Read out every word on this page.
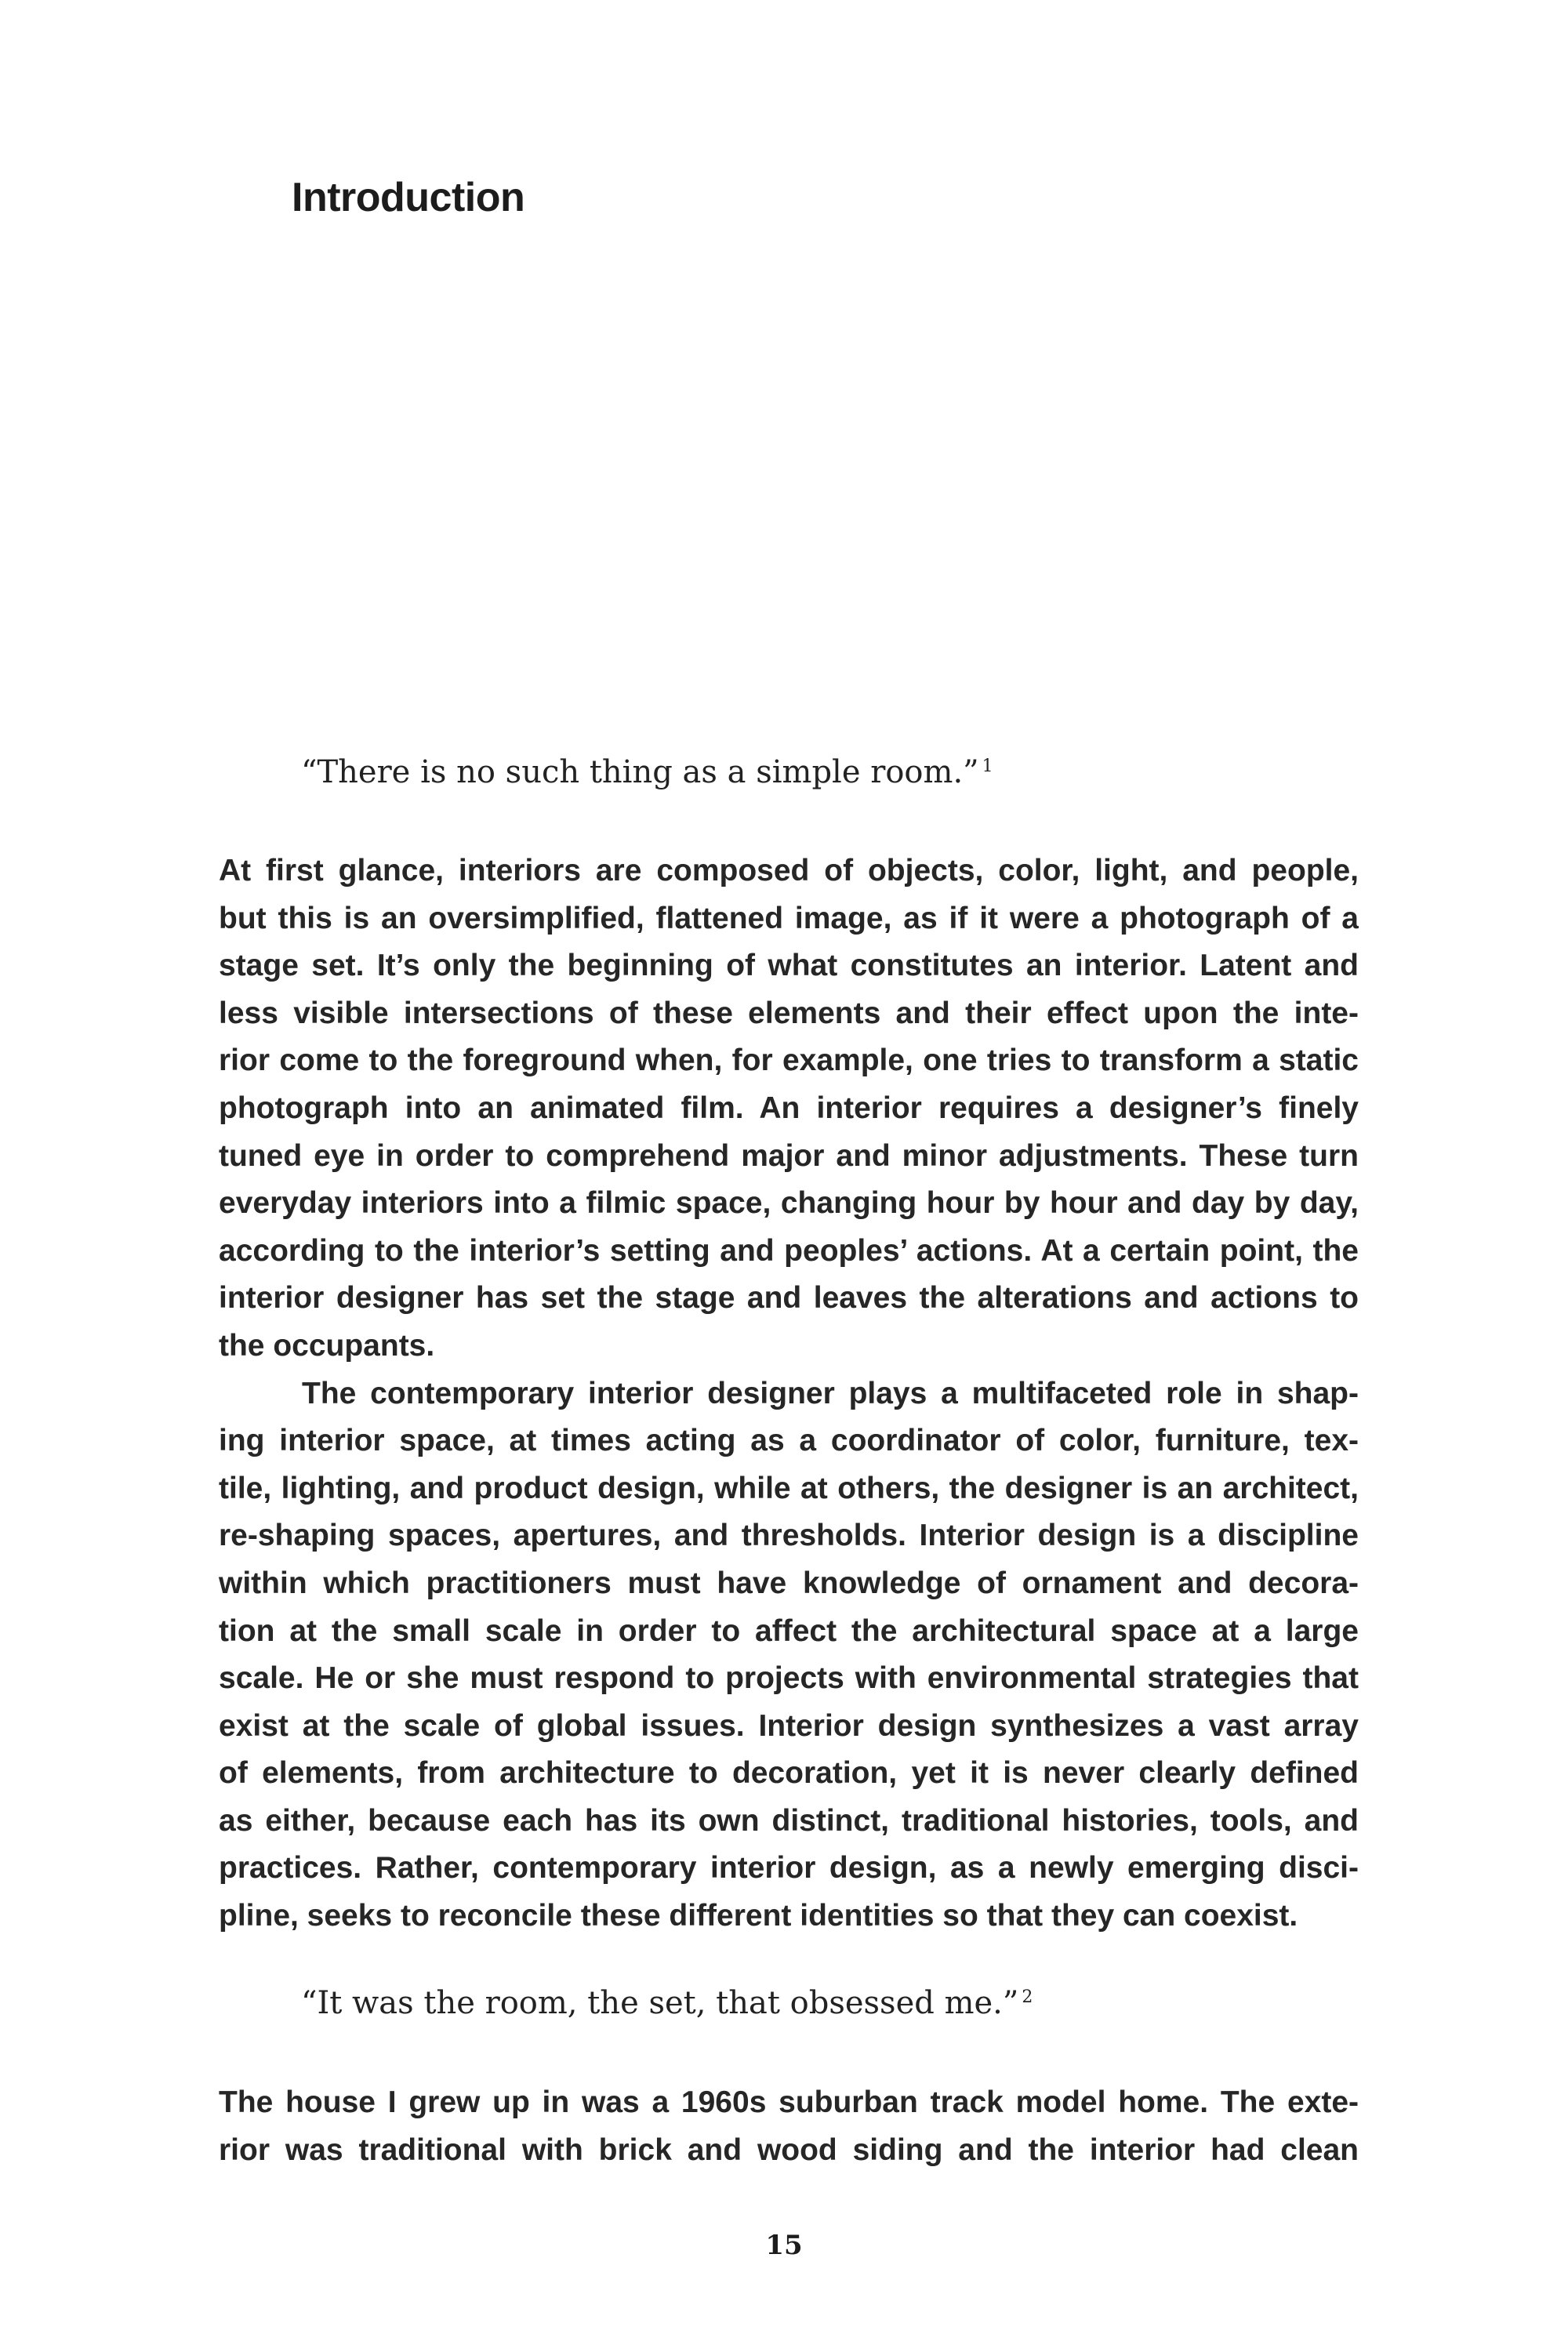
Introduction

“There is no such thing as a simple room.” $^1$

At first glance, interiors are composed of objects, color, light, and people,
but this is an oversimplified, flattened image, as if it were a photograph of a
stage set. It’s only the beginning of what constitutes an interior. Latent and
less visible intersections of these elements and their effect upon the inte-
rior come to the foreground when, for example, one tries to transform a static
photograph into an animated film. An interior requires a designer’s finely
tuned eye in order to comprehend major and minor adjustments. These turn
everyday interiors into a filmic space, changing hour by hour and day by day,
according to the interior’s setting and peoples’ actions. At a certain point, the
interior designer has set the stage and leaves the alterations and actions to
the occupants.

The contemporary interior designer plays a multifaceted role in shap-
ing interior space, at times acting as a coordinator of color, furniture, tex-
tile, lighting, and product design, while at others, the designer is an architect,
re-shaping spaces, apertures, and thresholds. Interior design is a discipline
within which practitioners must have knowledge of ornament and decora-
tion at the small scale in order to affect the architectural space at a large
scale. He or she must respond to projects with environmental strategies that
exist at the scale of global issues. Interior design synthesizes a vast array
of elements, from architecture to decoration, yet it is never clearly defined
as either, because each has its own distinct, traditional histories, tools, and
practices. Rather, contemporary interior design, as a newly emerging disci-
pline, seeks to reconcile these different identities so that they can coexist.

“It was the room, the set, that obsessed me.” $^2$

The house I grew up in was a 1960s suburban track model home. The exte-
rior was traditional with brick and wood siding and the interior had clean

15
